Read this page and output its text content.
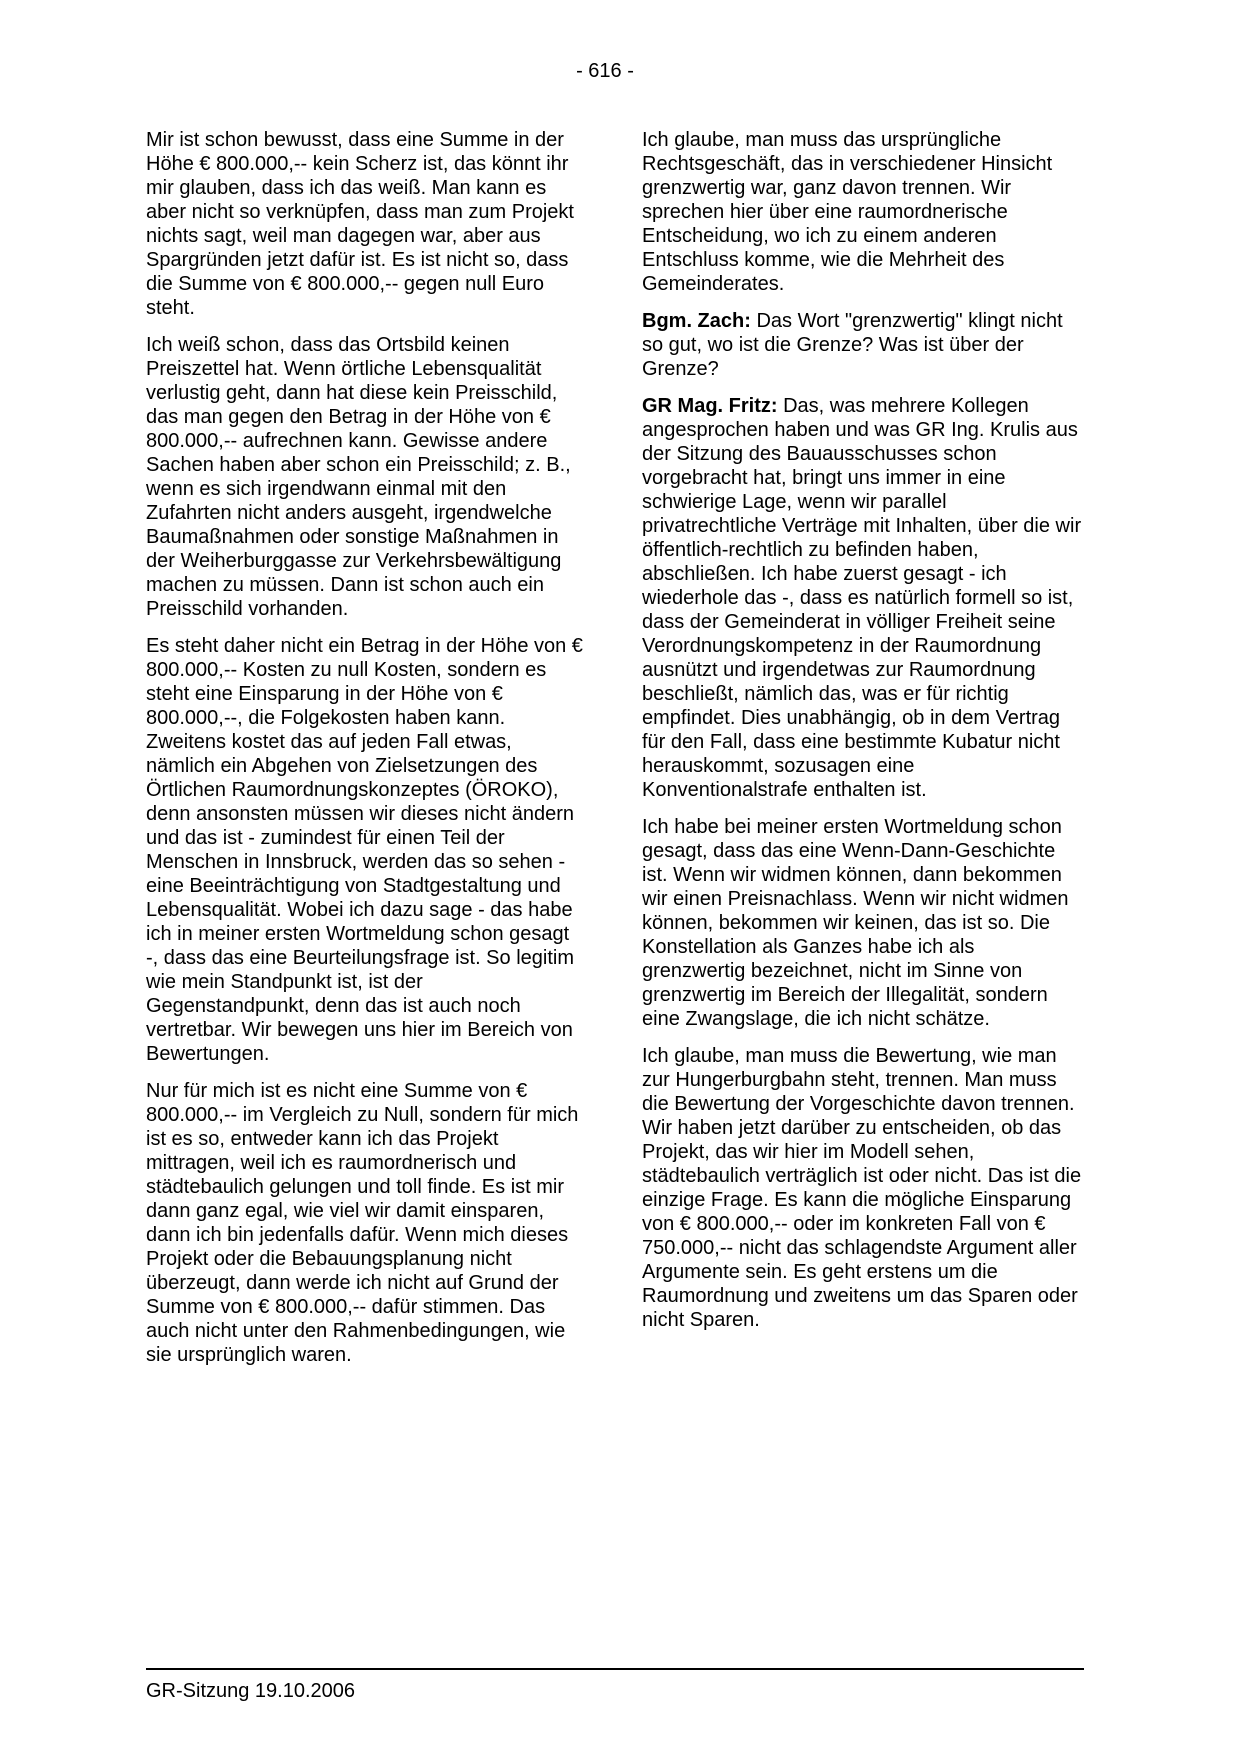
- 616 -

Mir ist schon bewusst, dass eine Summe in der Höhe € 800.000,-- kein Scherz ist, das könnt ihr mir glauben, dass ich das weiß. Man kann es aber nicht so verknüpfen, dass man zum Projekt nichts sagt, weil man dagegen war, aber aus Spargründen jetzt dafür ist. Es ist nicht so, dass die Summe von € 800.000,-- gegen null Euro steht.

Ich weiß schon, dass das Ortsbild keinen Preiszettel hat. Wenn örtliche Lebensqualität verlustig geht, dann hat diese kein Preisschild, das man gegen den Betrag in der Höhe von € 800.000,-- aufrechnen kann. Gewisse andere Sachen haben aber schon ein Preisschild; z. B., wenn es sich irgendwann einmal mit den Zufahrten nicht anders ausgeht, irgendwelche Baumaßnahmen oder sonstige Maßnahmen in der Weiherburggasse zur Verkehrsbewältigung machen zu müssen. Dann ist schon auch ein Preisschild vorhanden.

Es steht daher nicht ein Betrag in der Höhe von € 800.000,-- Kosten zu null Kosten, sondern es steht eine Einsparung in der Höhe von € 800.000,--, die Folgekosten haben kann. Zweitens kostet das auf jeden Fall etwas, nämlich ein Abgehen von Zielsetzungen des Örtlichen Raumordnungskonzeptes (ÖROKO), denn ansonsten müssen wir dieses nicht ändern und das ist - zumindest für einen Teil der Menschen in Innsbruck, werden das so sehen - eine Beeinträchtigung von Stadtgestaltung und Lebensqualität. Wobei ich dazu sage - das habe ich in meiner ersten Wortmeldung schon gesagt -, dass das eine Beurteilungsfrage ist. So legitim wie mein Standpunkt ist, ist der Gegenstandpunkt, denn das ist auch noch vertretbar. Wir bewegen uns hier im Bereich von Bewertungen.

Nur für mich ist es nicht eine Summe von € 800.000,-- im Vergleich zu Null, sondern für mich ist es so, entweder kann ich das Projekt mittragen, weil ich es raumordnerisch und städtebaulich gelungen und toll finde. Es ist mir dann ganz egal, wie viel wir damit einsparen, dann ich bin jedenfalls dafür. Wenn mich dieses Projekt oder die Bebauungsplanung nicht überzeugt, dann werde ich nicht auf Grund der Summe von € 800.000,-- dafür stimmen. Das auch nicht unter den Rahmenbedingungen, wie sie ursprünglich waren.

Ich glaube, man muss das ursprüngliche Rechtsgeschäft, das in verschiedener Hinsicht grenzwertig war, ganz davon trennen. Wir sprechen hier über eine raumordnerische Entscheidung, wo ich zu einem anderen Entschluss komme, wie die Mehrheit des Gemeinderates.

Bgm. Zach: Das Wort "grenzwertig" klingt nicht so gut, wo ist die Grenze? Was ist über der Grenze?

GR Mag. Fritz: Das, was mehrere Kollegen angesprochen haben und was GR Ing. Krulis aus der Sitzung des Bauausschusses schon vorgebracht hat, bringt uns immer in eine schwierige Lage, wenn wir parallel privatrechtliche Verträge mit Inhalten, über die wir öffentlich-rechtlich zu befinden haben, abschließen. Ich habe zuerst gesagt - ich wiederhole das -, dass es natürlich formell so ist, dass der Gemeinderat in völliger Freiheit seine Verordnungskompetenz in der Raumordnung ausnützt und irgendetwas zur Raumordnung beschließt, nämlich das, was er für richtig empfindet. Dies unabhängig, ob in dem Vertrag für den Fall, dass eine bestimmte Kubatur nicht herauskommt, sozusagen eine Konventionalstrafe enthalten ist.

Ich habe bei meiner ersten Wortmeldung schon gesagt, dass das eine Wenn-Dann-Geschichte ist. Wenn wir widmen können, dann bekommen wir einen Preisnachlass. Wenn wir nicht widmen können, bekommen wir keinen, das ist so. Die Konstellation als Ganzes habe ich als grenzwertig bezeichnet, nicht im Sinne von grenzwertig im Bereich der Illegalität, sondern eine Zwangslage, die ich nicht schätze.

Ich glaube, man muss die Bewertung, wie man zur Hungerburgbahn steht, trennen. Man muss die Bewertung der Vorgeschichte davon trennen. Wir haben jetzt darüber zu entscheiden, ob das Projekt, das wir hier im Modell sehen, städtebaulich verträglich ist oder nicht. Das ist die einzige Frage. Es kann die mögliche Einsparung von € 800.000,-- oder im konkreten Fall von € 750.000,-- nicht das schlagendste Argument aller Argumente sein. Es geht erstens um die Raumordnung und zweitens um das Sparen oder nicht Sparen.

GR-Sitzung 19.10.2006
